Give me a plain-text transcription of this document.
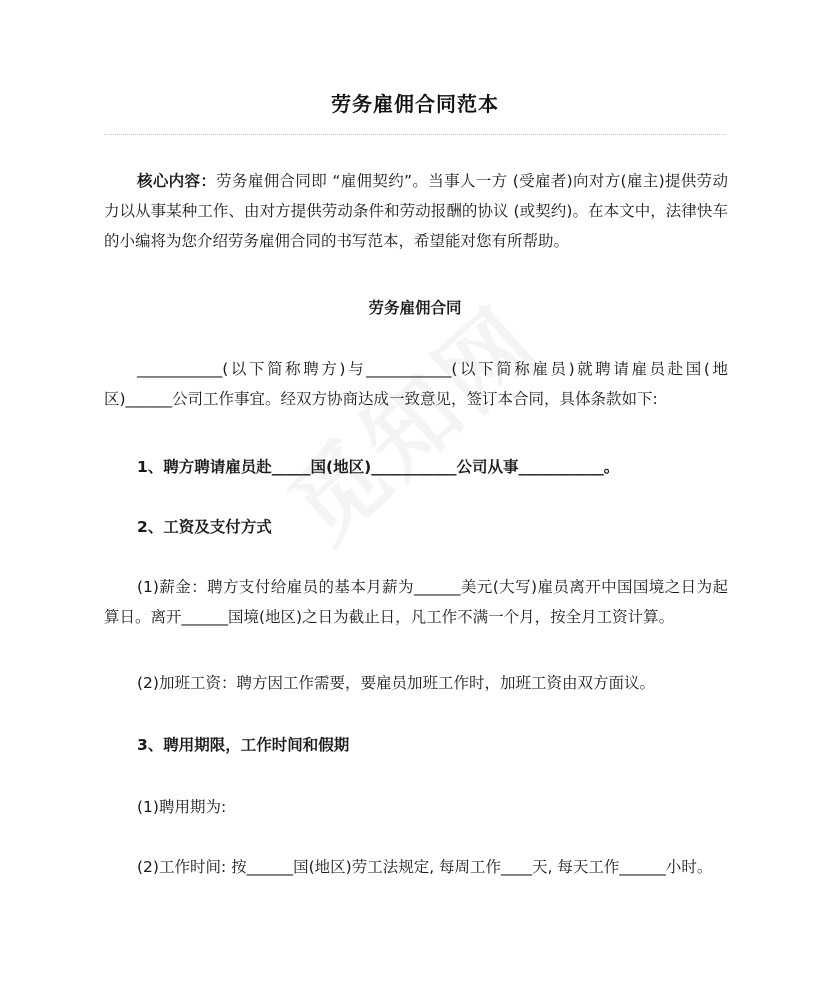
劳务雇佣合同范本
核心内容：劳务雇佣合同即 “雇佣契约”。当事人一方 (受雇者)向对方(雇主)提供劳动力以从事某种工作、由对方提供劳动条件和劳动报酬的协议 (或契约)。在本文中，法律快车的小编将为您介绍劳务雇佣合同的书写范本，希望能对您有所帮助。
劳务雇佣合同
___________(以下简称聘方)与___________(以下简称雇员)就聘请雇员赴国(地区)______公司工作事宜。经双方协商达成一致意见，签订本合同，具体条款如下:
1、聘方聘请雇员赴_____国(地区)___________公司从事___________。
2、工资及支付方式
(1)薪金：聘方支付给雇员的基本月薪为______美元(大写)雇员离开中国国境之日为起算日。离开______国境(地区)之日为截止日，凡工作不满一个月，按全月工资计算。
(2)加班工资：聘方因工作需要，要雇员加班工作时，加班工资由双方面议。
3、聘用期限，工作时间和假期
(1)聘用期为:
(2)工作时间: 按______国(地区)劳工法规定, 每周工作____天, 每天工作______小时。
